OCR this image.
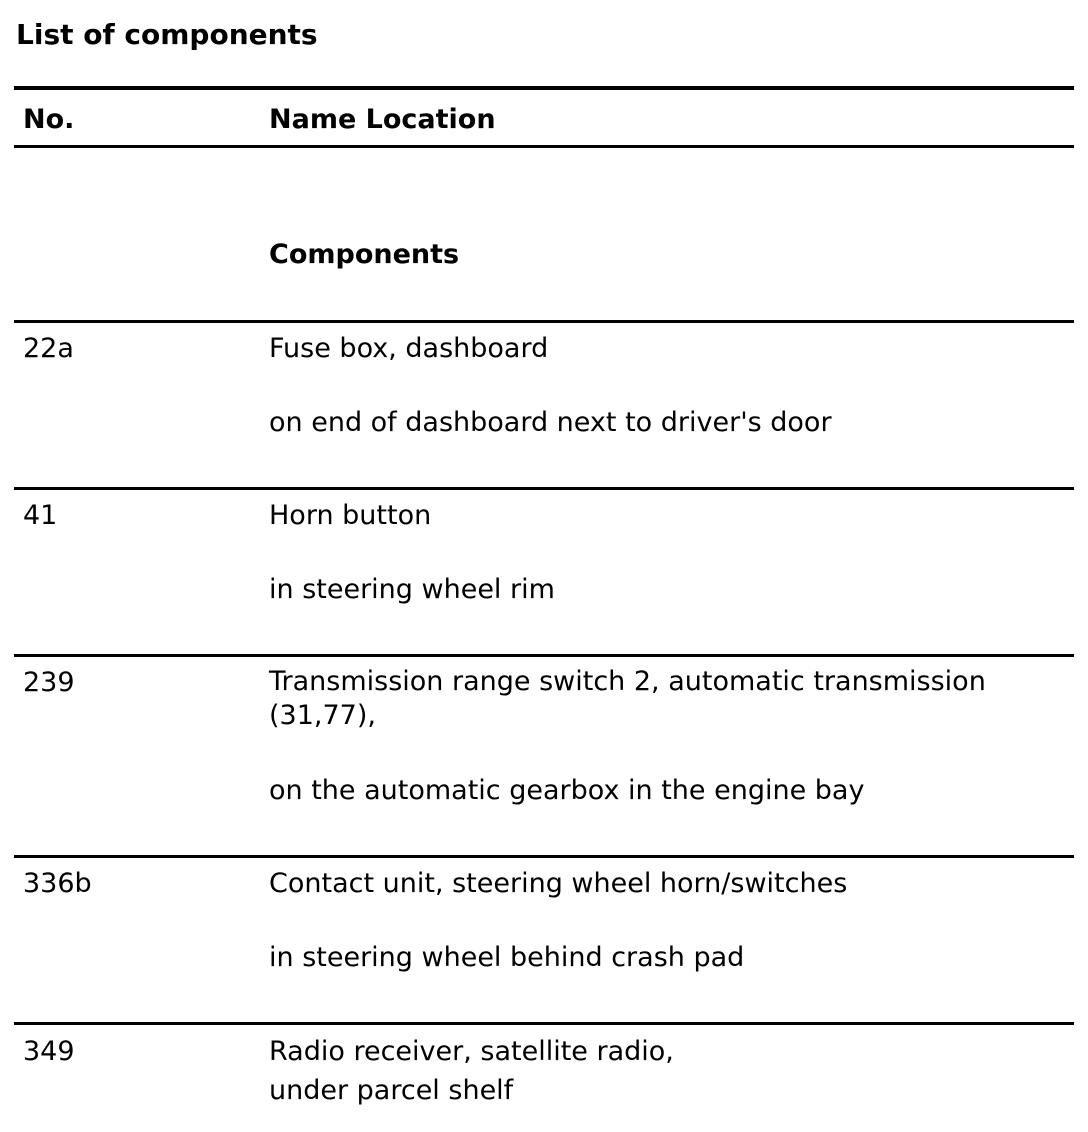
List of components
No.	Name Location
Components
22a	Fuse box, dashboard
on end of dashboard next to driver's door
41	Horn button
in steering wheel rim
239	Transmission range switch 2, automatic transmission (31,77),
on the automatic gearbox in the engine bay
336b	Contact unit, steering wheel horn/switches
in steering wheel behind crash pad
349	Radio receiver, satellite radio,
under parcel shelf
